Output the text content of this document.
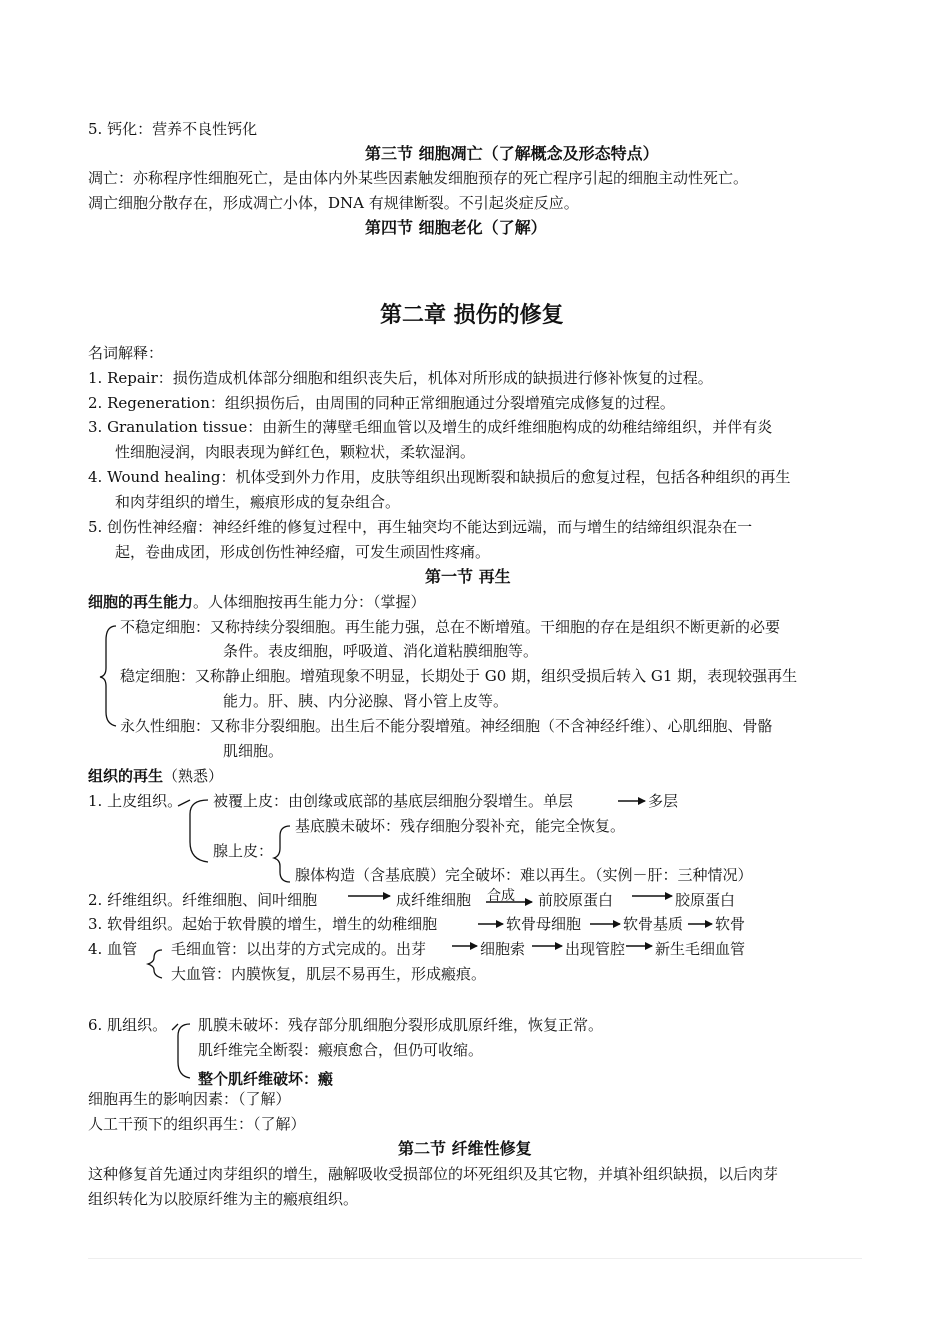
5. 钙化：营养不良性钙化
第三节 细胞凋亡（了解概念及形态特点）
凋亡：亦称程序性细胞死亡，是由体内外某些因素触发细胞预存的死亡程序引起的细胞主动性死亡。
凋亡细胞分散存在，形成凋亡小体，DNA 有规律断裂。不引起炎症反应。
第四节 细胞老化（了解）
第二章 损伤的修复
名词解释：
1. Repair：损伤造成机体部分细胞和组织丧失后，机体对所形成的缺损进行修补恢复的过程。
2. Regeneration：组织损伤后，由周围的同种正常细胞通过分裂增殖完成修复的过程。
3. Granulation tissue：由新生的薄壁毛细血管以及增生的成纤维细胞构成的幼稚结缔组织，并伴有炎
性细胞浸润，肉眼表现为鲜红色，颗粒状，柔软湿润。
4. Wound healing：机体受到外力作用，皮肤等组织出现断裂和缺损后的愈复过程，包括各种组织的再生
和肉芽组织的增生，瘢痕形成的复杂组合。
5. 创伤性神经瘤：神经纤维的修复过程中，再生轴突均不能达到远端，而与增生的结缔组织混杂在一
起，卷曲成团，形成创伤性神经瘤，可发生顽固性疼痛。
第一节 再生
细胞的再生能力。人体细胞按再生能力分：（掌握）
不稳定细胞：又称持续分裂细胞。再生能力强，总在不断增殖。干细胞的存在是组织不断更新的必要
条件。表皮细胞，呼吸道、消化道粘膜细胞等。
稳定细胞：又称静止细胞。增殖现象不明显，长期处于 G0 期，组织受损后转入 G1 期，表现较强再生
能力。肝、胰、内分泌腺、肾小管上皮等。
永久性细胞：又称非分裂细胞。出生后不能分裂增殖。神经细胞（不含神经纤维）、心肌细胞、骨骼
肌细胞。
组织的再生（熟悉）
1. 上皮组织。 被覆上皮：由创缘或底部的基底层细胞分裂增生。单层	多层
基底膜未破坏：残存细胞分裂补充，能完全恢复。
腺上皮：
腺体构造（含基底膜）完全破坏：难以再生。（实例－肝：三种情况）
2. 纤维组织。纤维细胞、间叶细胞	成纤维细胞 合成 前胶原蛋白	胶原蛋白
3. 软骨组织。起始于软骨膜的增生，增生的幼稚细胞	软骨母细胞	软骨基质 软骨
4. 血管 毛细血管：以出芽的方式完成的。出芽	细胞索	出现管腔 新生毛细血管
大血管：内膜恢复，肌层不易再生，形成瘢痕。
6. 肌组织。 肌膜未破坏：残存部分肌细胞分裂形成肌原纤维，恢复正常。
肌纤维完全断裂：瘢痕愈合，但仍可收缩。
整个肌纤维破坏：瘢
细胞再生的影响因素：（了解）
人工干预下的组织再生：（了解）
第二节 纤维性修复
这种修复首先通过肉芽组织的增生，融解吸收受损部位的坏死组织及其它物，并填补组织缺损，以后肉芽
组织转化为以胶原纤维为主的瘢痕组织。
